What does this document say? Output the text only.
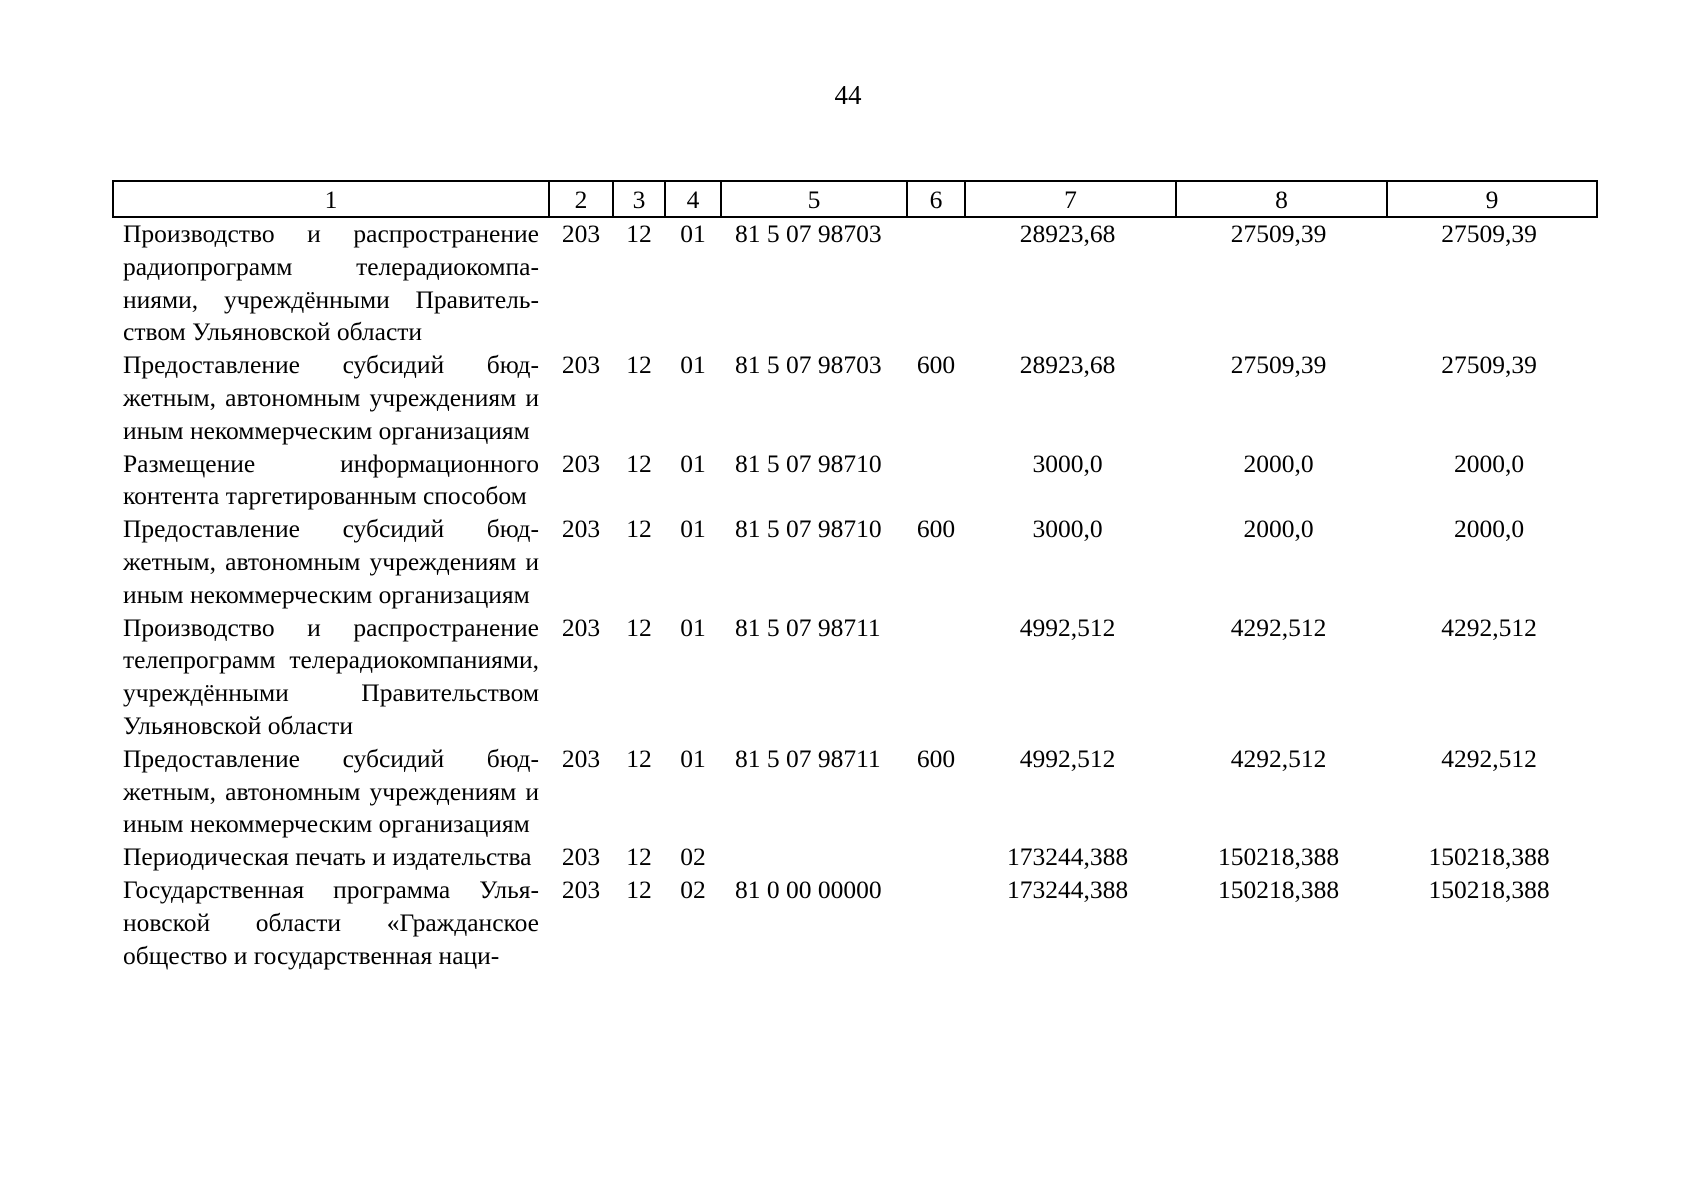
44
1	2	3	4	5	6	7	8	9
Производство и распространение радиопрограмм телерадиокомпаниями, учреждёнными Правительством Ульяновской области	203	12	01	81 5 07 98703		28923,68	27509,39	27509,39
Предоставление субсидий бюджетным, автономным учреждениям и иным некоммерческим организациям	203	12	01	81 5 07 98703	600	28923,68	27509,39	27509,39
Размещение информационного контента таргетированным способом	203	12	01	81 5 07 98710		3000,0	2000,0	2000,0
Предоставление субсидий бюджетным, автономным учреждениям и иным некоммерческим организациям	203	12	01	81 5 07 98710	600	3000,0	2000,0	2000,0
Производство и распространение телепрограмм телерадиокомпаниями, учреждёнными Правительством Ульяновской области	203	12	01	81 5 07 98711		4992,512	4292,512	4292,512
Предоставление субсидий бюджетным, автономным учреждениям и иным некоммерческим организациям	203	12	01	81 5 07 98711	600	4992,512	4292,512	4292,512
Периодическая печать и издательства	203	12	02			173244,388	150218,388	150218,388
Государственная программа Ульяновской области «Гражданское общество и государственная наци-	203	12	02	81 0 00 00000		173244,388	150218,388	150218,388
